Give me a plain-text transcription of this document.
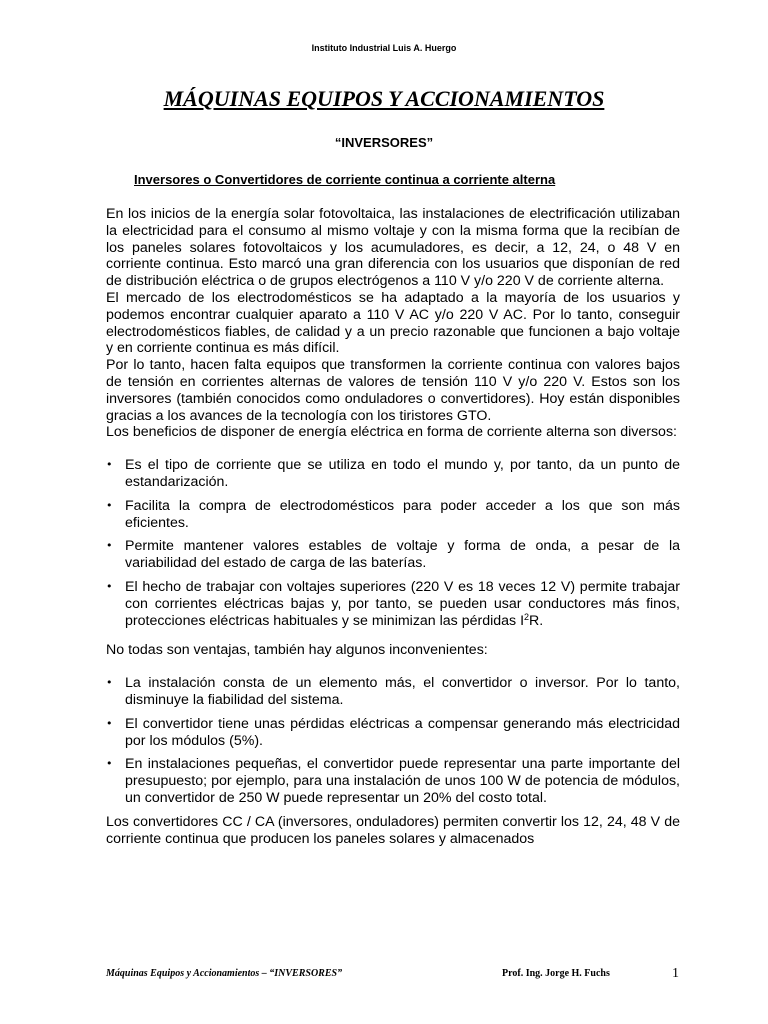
Instituto Industrial Luis A. Huergo
MÁQUINAS EQUIPOS Y ACCIONAMIENTOS
“INVERSORES”
Inversores o Convertidores de corriente continua a corriente alterna

En los inicios de la energía solar fotovoltaica, las instalaciones de electrificación utilizaban la electricidad para el consumo al mismo voltaje y con la misma forma que la recibían de los paneles solares fotovoltaicos y los acumuladores, es decir, a 12, 24, o 48 V en corriente continua. Esto marcó una gran diferencia con los usuarios que disponían de red de distribución eléctrica o de grupos electrógenos a 110 V y/o 220 V de corriente alterna.

El mercado de los electrodomésticos se ha adaptado a la mayoría de los usuarios y podemos encontrar cualquier aparato a 110 V AC y/o 220 V AC. Por lo tanto, conseguir electrodomésticos fiables, de calidad y a un precio razonable que funcionen a bajo voltaje y en corriente continua es más difícil.

Por lo tanto, hacen falta equipos que transformen la corriente continua con valores bajos de tensión en corrientes alternas de valores de tensión 110 V y/o 220 V. Estos son los inversores (también conocidos como onduladores o convertidores). Hoy están disponibles gracias a los avances de la tecnología con los tiristores GTO.

Los beneficios de disponer de energía eléctrica en forma de corriente alterna son diversos:

• Es el tipo de corriente que se utiliza en todo el mundo y, por tanto, da un punto de estandarización.
• Facilita la compra de electrodomésticos para poder acceder a los que son más eficientes.
• Permite mantener valores estables de voltaje y forma de onda, a pesar de la variabilidad del estado de carga de las baterías.
• El hecho de trabajar con voltajes superiores (220 V es 18 veces 12 V) permite trabajar con corrientes eléctricas bajas y, por tanto, se pueden usar conductores más finos, protecciones eléctricas habituales y se minimizan las pérdidas $I^2R$.

No todas son ventajas, también hay algunos inconvenientes:

• La instalación consta de un elemento más, el convertidor o inversor. Por lo tanto, disminuye la fiabilidad del sistema.
• El convertidor tiene unas pérdidas eléctricas a compensar generando más electricidad por los módulos (5%).
• En instalaciones pequeñas, el convertidor puede representar una parte importante del presupuesto; por ejemplo, para una instalación de unos 100 W de potencia de módulos, un convertidor de 250 W puede representar un 20% del costo total.

Los convertidores CC / CA (inversores, onduladores) permiten convertir los 12, 24, 48 V de corriente continua que producen los paneles solares y almacenados

Máquinas Equipos y Accionamientos – “INVERSORES”	Prof. Ing. Jorge H. Fuchs	1
